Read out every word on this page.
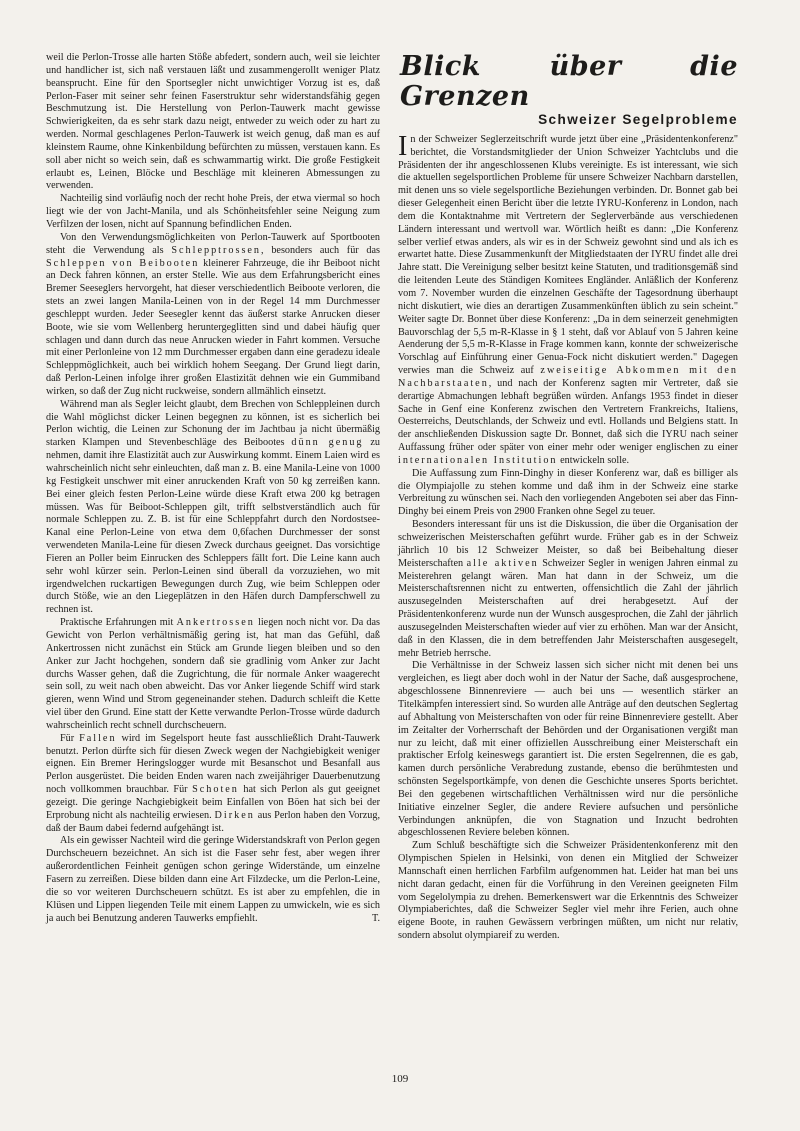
weil die Perlon-Trosse alle harten Stöße abfedert, sondern auch, weil sie leichter und handlicher ist, sich naß verstauen läßt und zusammengerollt weniger Platz beansprucht. Eine für den Sportsegler nicht unwichtiger Vorzug ist es, daß Perlon-Faser mit seiner sehr feinen Faserstruktur sehr widerstandsfähig gegen Beschmutzung ist. Die Herstellung von Perlon-Tauwerk macht gewisse Schwierigkeiten, da es sehr stark dazu neigt, entweder zu weich oder zu hart zu werden. Normal geschlagenes Perlon-Tauwerk ist weich genug, daß man es auf kleinstem Raume, ohne Kinkenbildung befürchten zu müssen, verstauen kann. Es soll aber nicht so weich sein, daß es schwammartig wirkt. Die große Festigkeit erlaubt es, Leinen, Blöcke und Beschläge mit kleineren Abmessungen zu verwenden.

Nachteilig sind vorläufig noch der recht hohe Preis, der etwa viermal so hoch liegt wie der von Jacht-Manila, und als Schönheitsfehler seine Neigung zum Verfilzen der losen, nicht auf Spannung befindlichen Enden.

Von den Verwendungsmöglichkeiten von Perlon-Tauwerk auf Sportbooten steht die Verwendung als Schlepptrossen, besonders auch für das Schleppen von Beibooten kleinerer Fahrzeuge, die ihr Beiboot nicht an Deck fahren können, an erster Stelle. Wie aus dem Erfahrungsbericht eines Bremer Seeseglers hervorgeht, hat dieser verschiedentlich Beiboote verloren, die stets an zwei langen Manila-Leinen von in der Regel 14 mm Durchmesser geschleppt wurden. Jeder Seesegler kennt das äußerst starke Anrucken dieser Boote, wie sie vom Wellenberg heruntergeglitten sind und dabei häufig quer schlagen und dann durch das neue Anrucken wieder in Fahrt kommen. Versuche mit einer Perlonleine von 12 mm Durchmesser ergaben dann eine geradezu ideale Schleppmöglichkeit, auch bei wirklich hohem Seegang. Der Grund liegt darin, daß Perlon-Leinen infolge ihrer großen Elastizität dehnen wie ein Gummiband wirken, so daß der Zug nicht ruckweise, sondern allmählich einsetzt.

Während man als Segler leicht glaubt, dem Brechen von Schleppleinen durch die Wahl möglichst dicker Leinen begegnen zu können, ist es sicherlich bei Perlon wichtig, die Leinen zur Schonung der im Jachtbau ja nicht übermäßig starken Klampen und Stevenbeschläge des Beibootes dünn genug zu nehmen, damit ihre Elastizität auch zur Auswirkung kommt. Einem Laien wird es wahrscheinlich nicht sehr einleuchten, daß man z. B. eine Manila-Leine von 1000 kg Festigkeit unschwer mit einer anruckenden Kraft von 50 kg zerreißen kann. Bei einer gleich festen Perlon-Leine würde diese Kraft etwa 200 kg betragen müssen. Was für Beiboot-Schleppen gilt, trifft selbstverständlich auch für normale Schleppen zu. Z. B. ist für eine Schleppfahrt durch den Nordostsee-Kanal eine Perlon-Leine von etwa dem 0,6fachen Durchmesser der sonst verwendeten Manila-Leine für diesen Zweck durchaus geeignet. Das vorsichtige Fieren an Poller beim Einrucken des Schleppers fällt fort. Die Leine kann auch sehr wohl kürzer sein. Perlon-Leinen sind überall da vorzuziehen, wo mit irgendwelchen ruckartigen Bewegungen durch Zug, wie beim Schleppen oder durch Stöße, wie an den Liegeplätzen in den Häfen durch Dampferschwell zu rechnen ist.

Praktische Erfahrungen mit Ankertrossen liegen noch nicht vor. Da das Gewicht von Perlon verhältnismäßig gering ist, hat man das Gefühl, daß Ankertrossen nicht zunächst ein Stück am Grunde liegen bleiben und so den Anker zur Jacht hochgehen, sondern daß sie gradlinig vom Anker zur Jacht durchs Wasser gehen, daß die Zugrichtung, die für normale Anker waagerecht sein soll, zu weit nach oben abweicht. Das vor Anker liegende Schiff wird stark gieren, wenn Wind und Strom gegeneinander stehen. Dadurch schleift die Kette viel über den Grund. Eine statt der Kette verwandte Perlon-Trosse würde dadurch wahrscheinlich recht schnell durchscheuern.

Für Fallen wird im Segelsport heute fast ausschließlich Draht-Tauwerk benutzt. Perlon dürfte sich für diesen Zweck wegen der Nachgiebigkeit weniger eignen. Ein Bremer Heringslogger wurde mit Besanschot und Besanfall aus Perlon ausgerüstet. Die beiden Enden waren nach zweijähriger Dauerbenutzung noch vollkommen brauchbar. Für Schoten hat sich Perlon als gut geeignet gezeigt. Die geringe Nachgiebigkeit beim Einfallen von Böen hat sich bei der Erprobung nicht als nachteilig erwiesen. Dirken aus Perlon haben den Vorzug, daß der Baum dabei federnd aufgehängt ist.

Als ein gewisser Nachteil wird die geringe Widerstandskraft von Perlon gegen Durchscheuern bezeichnet. An sich ist die Faser sehr fest, aber wegen ihrer außerordentlichen Feinheit genügen schon geringe Widerstände, um einzelne Fasern zu zerreißen. Diese bilden dann eine Art Filzdecke, um die Perlon-Leine, die so vor weiteren Durchscheuern schützt. Es ist aber zu empfehlen, die in Klüsen und Lippen liegenden Teile mit einem Lappen zu umwickeln, wie es sich ja auch bei Benutzung anderen Tauwerks empfiehlt.	T.

Blick über die Grenzen
Schweizer Segelprobleme

In der Schweizer Seglerzeitschrift wurde jetzt über eine „Präsidentenkonferenz" berichtet, die Vorstandsmitglieder der Union Schweizer Yachtclubs und die Präsidenten der ihr angeschlossenen Klubs vereinigte. Es ist interessant, wie sich die aktuellen segelsportlichen Probleme für unsere Schweizer Nachbarn darstellen, mit denen uns so viele segelsportliche Beziehungen verbinden. Dr. Bonnet gab bei dieser Gelegenheit einen Bericht über die letzte IYRU-Konferenz in London, nach dem die Kontaktnahme mit Vertretern der Seglerverbände aus verschiedenen Ländern interessant und wertvoll war. Wörtlich heißt es dann: „Die Konferenz selber verlief etwas anders, als wir es in der Schweiz gewohnt sind und als ich es erwartet hatte. Diese Zusammenkunft der Mitgliedstaaten der IYRU findet alle drei Jahre statt. Die Vereinigung selber besitzt keine Statuten, und traditionsgemäß sind die leitenden Leute des Ständigen Komitees Engländer. Anläßlich der Konferenz vom 7. November wurden die einzelnen Geschäfte der Tagesordnung überhaupt nicht diskutiert, wie dies an derartigen Zusammenkünften üblich zu sein scheint." Weiter sagte Dr. Bonnet über diese Konferenz: „Da in dem seinerzeit genehmigten Bauvorschlag der 5,5 m-R-Klasse in § 1 steht, daß vor Ablauf von 5 Jahren keine Aenderung der 5,5 m-R-Klasse in Frage kommen kann, konnte der schweizerische Vorschlag auf Einführung einer Genua-Fock nicht diskutiert werden." Dagegen verwies man die Schweiz auf zweiseitige Abkommen mit den Nachbarstaaten, und nach der Konferenz sagten mir Vertreter, daß sie derartige Abmachungen lebhaft begrüßen würden. Anfangs 1953 findet in dieser Sache in Genf eine Konferenz zwischen den Vertretern Frankreichs, Italiens, Oesterreichs, Deutschlands, der Schweiz und evtl. Hollands und Belgiens statt. In der anschließenden Diskussion sagte Dr. Bonnet, daß sich die IYRU nach seiner Auffassung früher oder später von einer mehr oder weniger englischen zu einer internationalen Institution entwickeln solle.

Die Auffassung zum Finn-Dinghy in dieser Konferenz war, daß es billiger als die Olympiajolle zu stehen komme und daß ihm in der Schweiz eine starke Verbreitung zu wünschen sei. Nach den vorliegenden Angeboten sei aber das Finn-Dinghy bei einem Preis von 2900 Franken ohne Segel zu teuer.

Besonders interessant für uns ist die Diskussion, die über die Organisation der schweizerischen Meisterschaften geführt wurde. Früher gab es in der Schweiz jährlich 10 bis 12 Schweizer Meister, so daß bei Beibehaltung dieser Meisterschaften alle aktiven Schweizer Segler in wenigen Jahren einmal zu Meisterehren gelangt wären. Man hat dann in der Schweiz, um die Meisterschaftsrennen nicht zu entwerten, offensichtlich die Zahl der jährlich auszusegelnden Meisterschaften auf drei herabgesetzt. Auf der Präsidentenkonferenz wurde nun der Wunsch ausgesprochen, die Zahl der jährlich auszusegelnden Meisterschaften wieder auf vier zu erhöhen. Man war der Ansicht, daß in den Klassen, die in dem betreffenden Jahr Meisterschaften ausgesegelt, mehr Betrieb herrsche.

Die Verhältnisse in der Schweiz lassen sich sicher nicht mit denen bei uns vergleichen, es liegt aber doch wohl in der Natur der Sache, daß ausgesprochene, abgeschlossene Binnenreviere — auch bei uns — wesentlich stärker an Titelkämpfen interessiert sind. So wurden alle Anträge auf den deutschen Seglertag auf Abhaltung von Meisterschaften von oder für reine Binnenreviere gestellt. Aber im Zeitalter der Vorherrschaft der Behörden und der Organisationen vergißt man nur zu leicht, daß mit einer offiziellen Ausschreibung einer Meisterschaft ein praktischer Erfolg keineswegs garantiert ist. Die ersten Segelrennen, die es gab, kamen durch persönliche Verabredung zustande, ebenso die berühmtesten und schönsten Segelsportkämpfe, von denen die Geschichte unseres Sports berichtet. Bei den gegebenen wirtschaftlichen Verhältnissen wird nur die persönliche Initiative einzelner Segler, die andere Reviere aufsuchen und persönliche Verbindungen anknüpfen, die von Stagnation und Inzucht bedrohten abgeschlossenen Reviere beleben können.

Zum Schluß beschäftigte sich die Schweizer Präsidentenkonferenz mit den Olympischen Spielen in Helsinki, von denen ein Mitglied der Schweizer Mannschaft einen herrlichen Farbfilm aufgenommen hat. Leider hat man bei uns nicht daran gedacht, einen für die Vorführung in den Vereinen geeigneten Film vom Segelolympia zu drehen. Bemerkenswert war die Erkenntnis des Schweizer Olympiaberichtes, daß die Schweizer Segler viel mehr ihre Ferien, auch ohne eigene Boote, in rauhen Gewässern verbringen müßten, um nicht nur relativ, sondern absolut olympiareif zu werden.

109
